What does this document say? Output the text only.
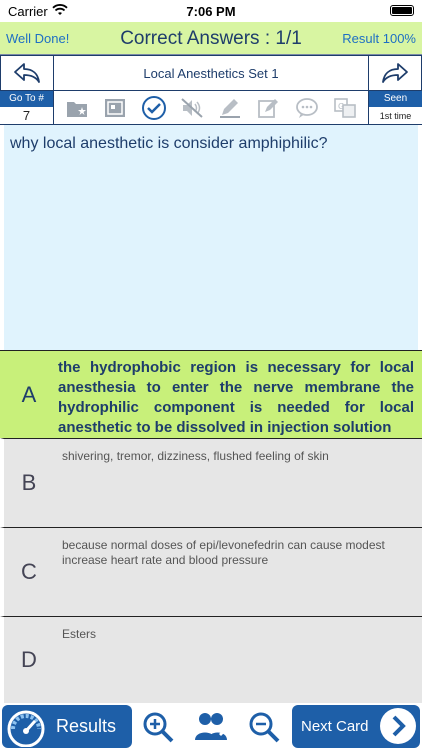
Carrier	7:06 PM
Well Done!	Correct Answers : 1/1	Result 100%
Local Anesthetics Set 1
Go To #
7
G
Seen
1st time
why local anesthetic is consider amphiphilic?
A
the hydrophobic region is necessary for local anesthesia to enter the nerve membrane the hydrophilic component is needed for local anesthetic to be dissolved in injection solution
B
shivering, tremor, dizziness, flushed feeling of skin
C
because normal doses of epi/levonefedrin can cause modest increase heart rate and blood pressure
D
Esters
Results	Next Card
